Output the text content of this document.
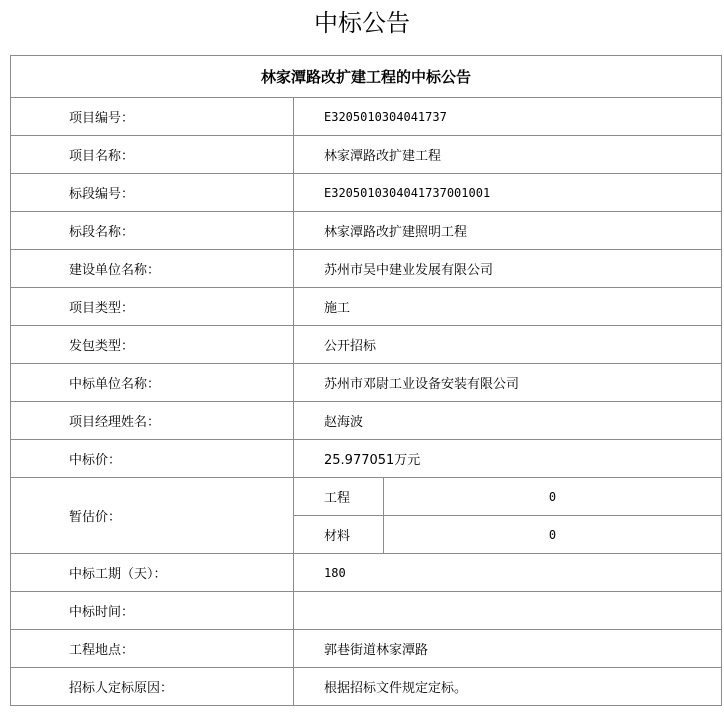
中标公告
林家潭路改扩建工程的中标公告		
项目编号：	E3205010304041737	
项目名称：	林家潭路改扩建工程	
标段编号：	E3205010304041737001001	
标段名称：	林家潭路改扩建照明工程	
建设单位名称：	苏州市吴中建业发展有限公司	
项目类型：	施工	
发包类型：	公开招标	
中标单位名称：	苏州市邓尉工业设备安装有限公司	
项目经理姓名：	赵海波	
中标价：	25.977051万元	
暂估价：	工程	0
	材料	0
中标工期（天）：	180	
中标时间：		
工程地点：	郭巷街道林家潭路	
招标人定标原因：	根据招标文件规定定标。	
